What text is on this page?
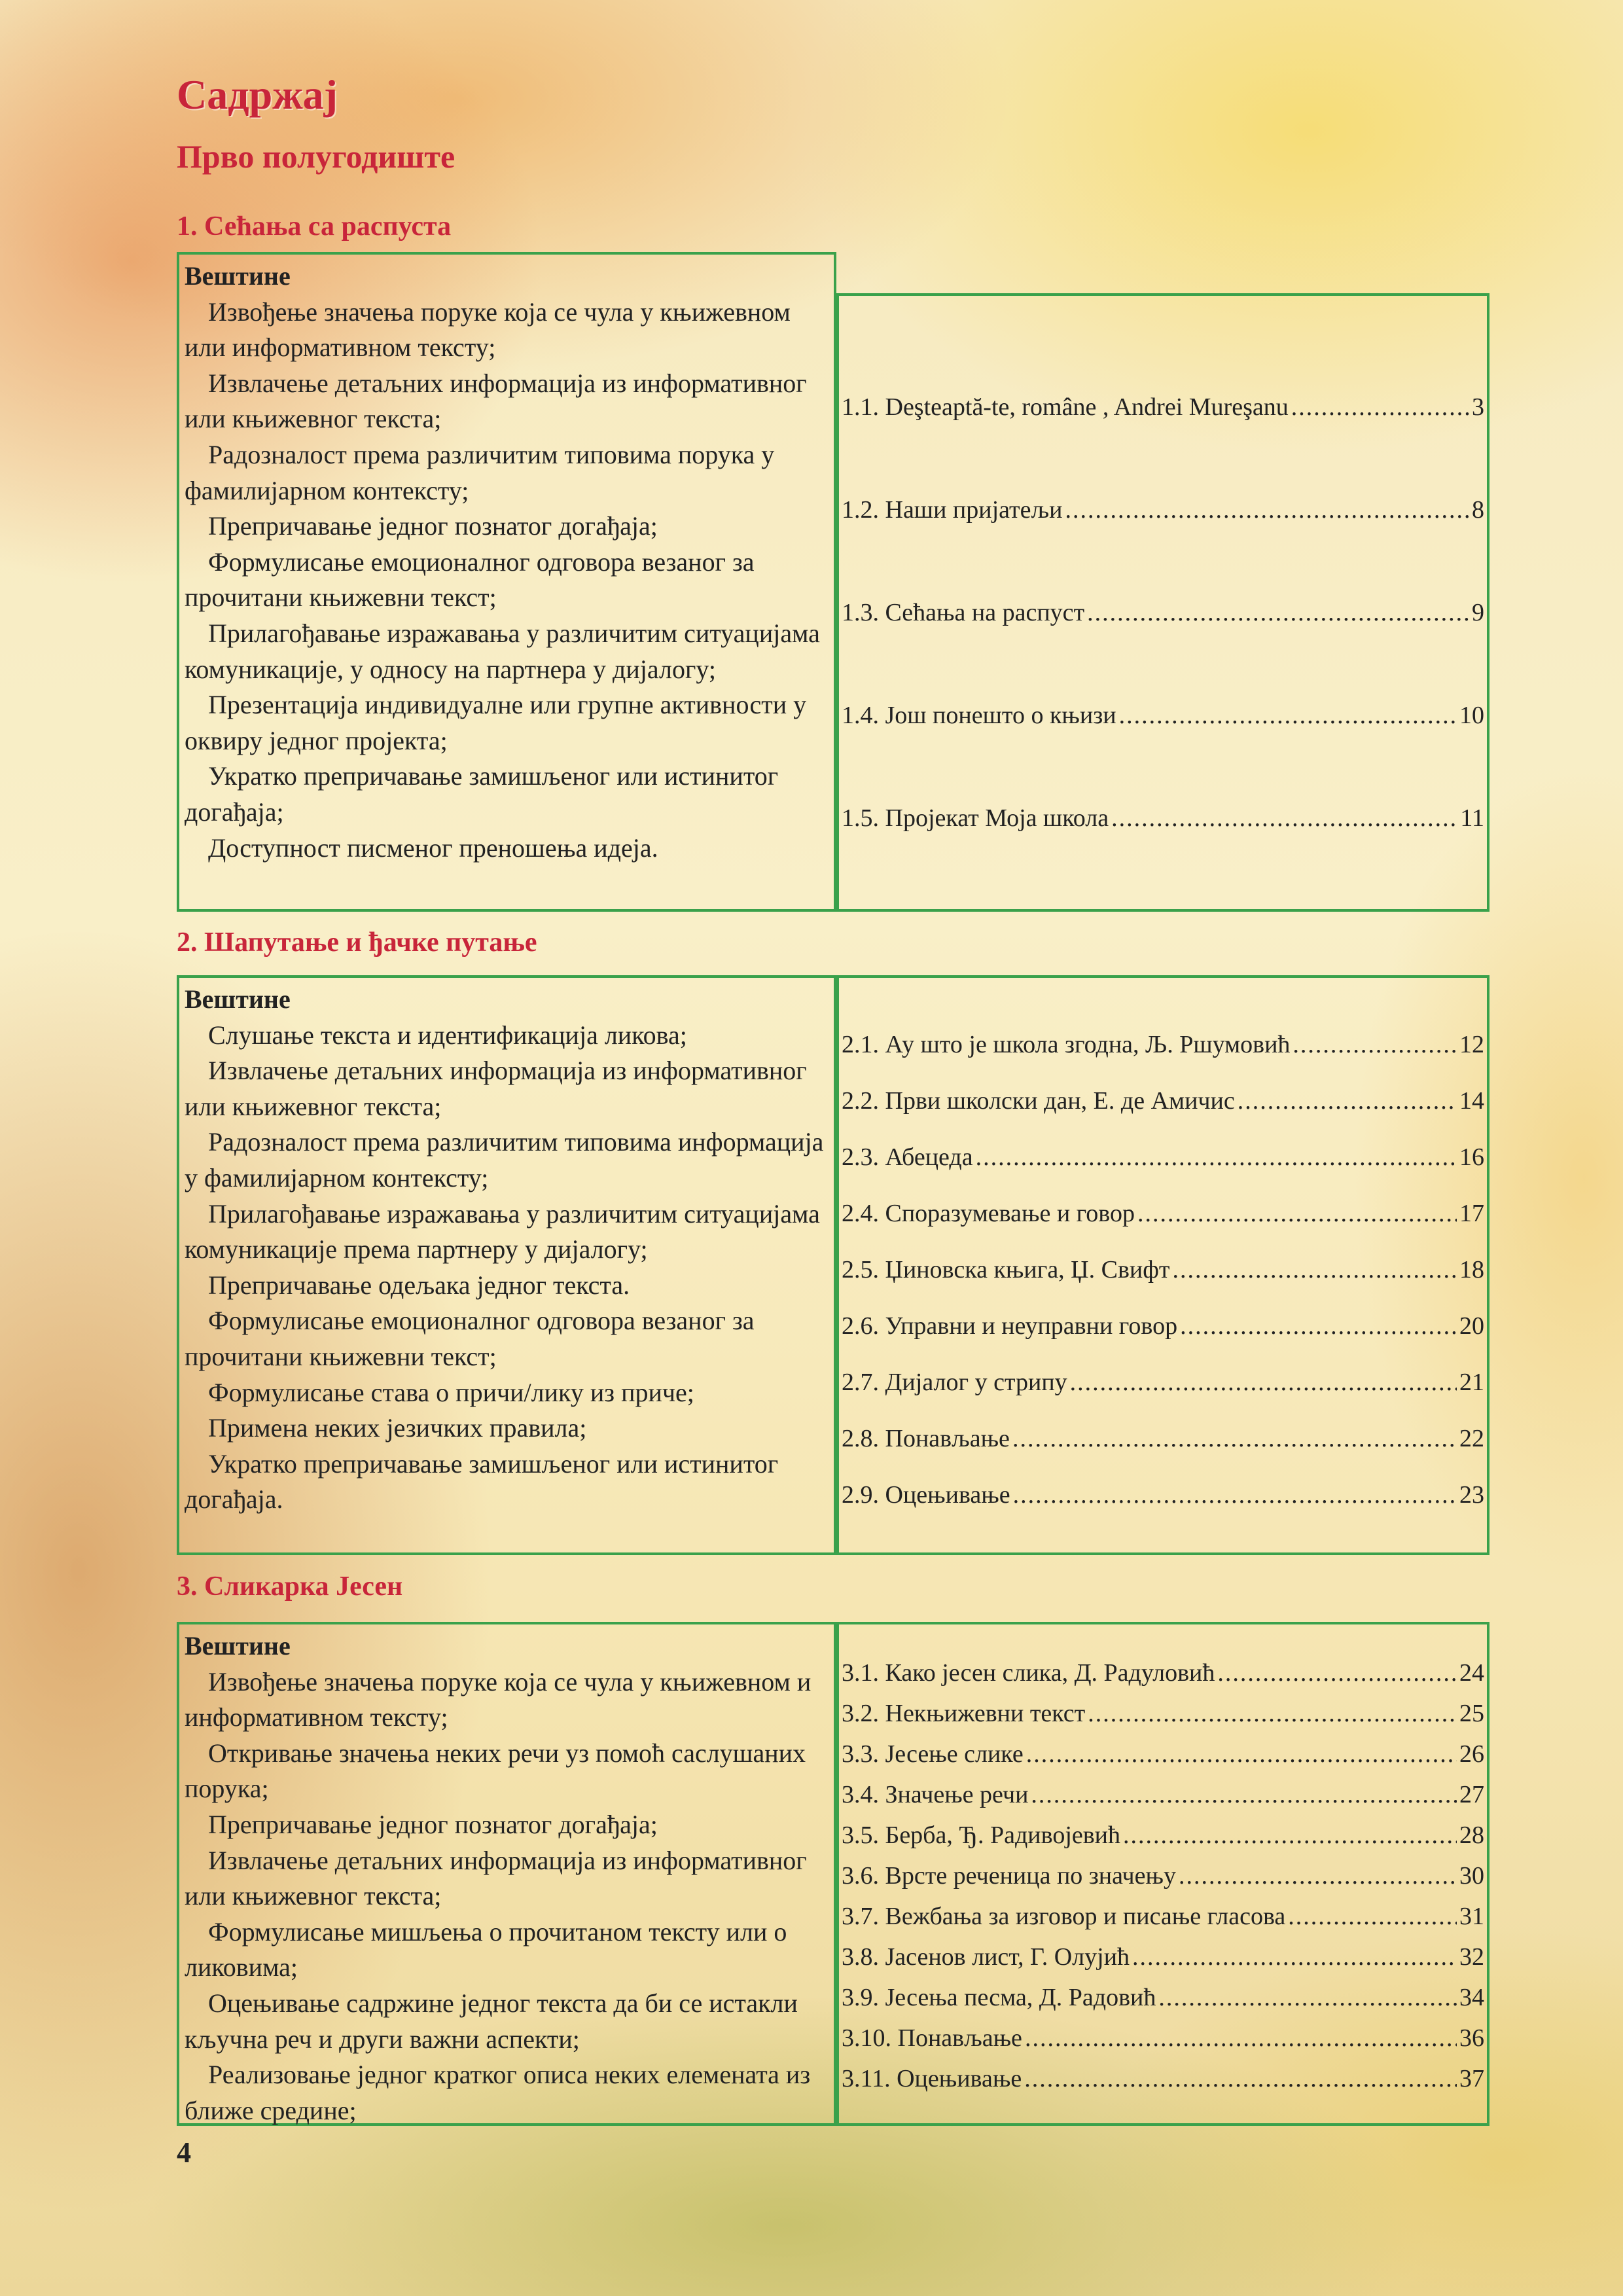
Садржај
Прво полугодиште
1. Сећања са распуста
Вештине
Извођење значења поруке која се чула у књижевном или информативном тексту;
Извлачење детаљних информација из информативног или књижевног текста;
Радозналост према различитим типовима порука у фамилијарном контексту;
Препричавање једног познатог догађаја;
Формулисање емоционалног одговора везаног за прочитани књижевни текст;
Прилагођавање изражавања у различитим ситуацијама комуникације, у односу на партнера у дијалогу;
Презентација индивидуалне или групне активности у оквиру једног пројекта;
Укратко препричавање замишљеног или истинитог догађаја;
Доступност писменог преношења идеја.
1.1. Deşteaptă-te, române , Andrei Mureşanu .....	3
1.2. Наши пријатељи .....	8
1.3. Сећања на распуст .....	9
1.4. Још понешто о књизи .....	10
1.5. Пројекат Моја школа .....	11
2. Шапутање и ђачке путање
Вештине
Слушање текста и идентификација ликова;
Извлачење детаљних информација из информативног или књижевног текста;
Радозналост према различитим типовима информација у фамилијарном контексту;
Прилагођавање изражавања у различитим ситуацијама комуникације према партнеру у дијалогу;
Препричавање одељака једног текста.
Формулисање емоционалног одговора везаног за прочитани књижевни текст;
Формулисање става о причи/лику из приче;
Примена неких језичких правила;
Укратко препричавање замишљеног или истинитог догађаја.
2.1. Ау што је школа згодна, Љ. Ршумовић .....	12
2.2. Први школски дан, Е. де Амичис .....	14
2.3. Абецеда .....	16
2.4. Споразумевање и говор .....	17
2.5. Џиновска књига, Џ. Свифт .....	18
2.6. Управни и неуправни говор .....	20
2.7. Дијалог у стрипу .....	21
2.8. Понављање .....	22
2.9. Оцењивање .....	23
3. Сликарка Јесен
Вештине
Извођење значења поруке која се чула у књижевном и информативном тексту;
Откривање значења неких речи уз помоћ саслушаних порука;
Препричавање једног познатог догађаја;
Извлачење детаљних информација из информативног или књижевног текста;
Формулисање мишљења о прочитаном тексту или о ликовима;
Оцењивање садржине једног текста да би се истакли кључна реч и други важни аспекти;
Реализовање једног кратког описа неких елемената из ближе средине;
3.1. Како јесен слика, Д. Радуловић .....	24
3.2. Некњижевни текст .....	25
3.3. Јесење слике .....	26
3.4. Значење речи .....	27
3.5. Берба, Ђ. Радивојевић .....	28
3.6. Врсте реченица по значењу .....	30
3.7. Вежбања за изговор и писање гласова .....	31
3.8. Јасенов лист, Г. Олујић .....	32
3.9. Јесења песма, Д. Радовић .....	34
3.10. Понављање .....	36
3.11. Оцењивање .....	37
4
